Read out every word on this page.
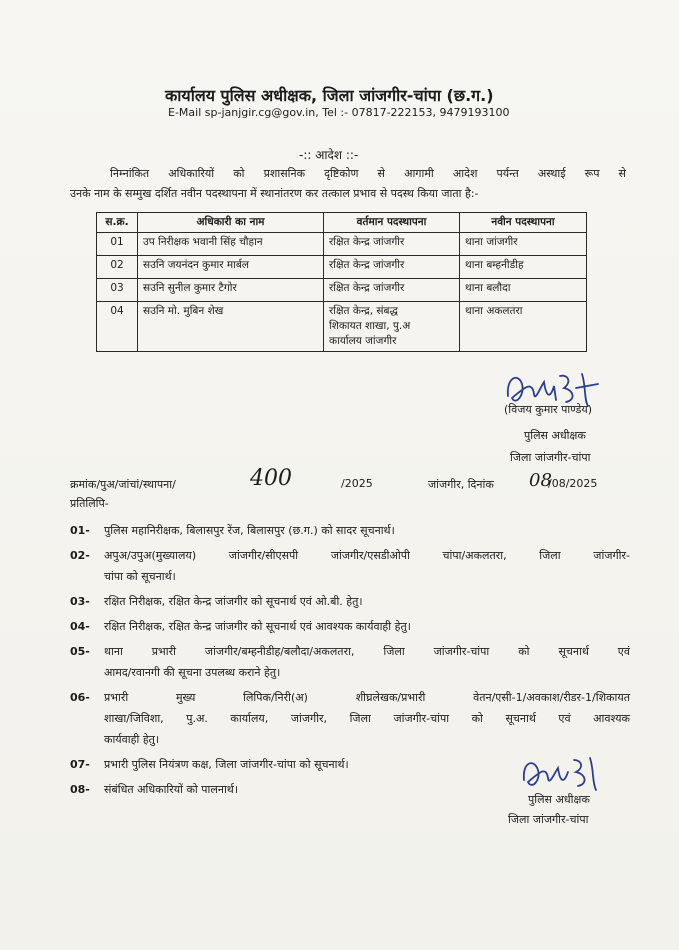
कार्यालय पुलिस अधीक्षक, जिला जांजगीर-चांपा (छ.ग.)
E-Mail sp-janjgir.cg@gov.in, Tel :- 07817-222153, 9479193100
-:: आदेश ::-
निम्नांकित अधिकारियों को प्रशासनिक दृष्टिकोण से आगामी आदेश पर्यन्त अस्थाई रूप से
उनके नाम के सम्मुख दर्शित नवीन पदस्थापना में स्थानांतरण कर तत्काल प्रभाव से पदस्थ किया जाता है:-
स.क्र.	अधिकारी का नाम	वर्तमान पदस्थापना	नवीन पदस्थापना
01	उप निरीक्षक भवानी सिंह चौहान	रक्षित केन्द्र जांजगीर	थाना जांजगीर
02	सउनि जयनंदन कुमार मार्बल	रक्षित केन्द्र जांजगीर	थाना बम्हनीडीह
03	सउनि सुनील कुमार टैगोर	रक्षित केन्द्र जांजगीर	थाना बलौदा
04	सउनि मो. मुबिन शेख	रक्षित केन्द्र, संबद्ध
शिकायत शाखा, पु.अ
कार्यालय जांजगीर	थाना अकलतरा
(विजय कुमार पाण्डेय)
पुलिस अधीक्षक
जिला जांजगीर-चांपा
क्रमांक/पुअ/जांचां/स्थापना/	400	/2025	जांजगीर, दिनांक 08
/08/2025
प्रतिलिपि-
01- पुलिस महानिरीक्षक, बिलासपुर रेंज, बिलासपुर (छ.ग.) को सादर सूचनार्थ।
02- अपुअ/उपुअ(मुख्यालय) जांजगीर/सीएसपी जांजगीर/एसडीओपी चांपा/अकलतरा, जिला जांजगीर-
चांपा को सूचनार्थ।
03- रक्षित निरीक्षक, रक्षित केन्द्र जांजगीर को सूचनार्थ एवं ओ.बी. हेतु।
04- रक्षित निरीक्षक, रक्षित केन्द्र जांजगीर को सूचनार्थ एवं आवश्यक कार्यवाही हेतु।
05- थाना प्रभारी जांजगीर/बम्हनीडीह/बलौदा/अकलतरा, जिला जांजगीर-चांपा को सूचनार्थ एवं
आमद/रवानगी की सूचना उपलब्ध कराने हेतु।
06- प्रभारी मुख्य लिपिक/निरी(अ) शीघ्रलेखक/प्रभारी वेतन/एसी-1/अवकाश/रीडर-1/शिकायत
शाखा/जिविशा, पु.अ. कार्यालय, जांजगीर, जिला जांजगीर-चांपा को सूचनार्थ एवं आवश्यक
कार्यवाही हेतु।
07- प्रभारी पुलिस नियंत्रण कक्ष, जिला जांजगीर-चांपा को सूचनार्थ।
08- संबंधित अधिकारियों को पालनार्थ।
पुलिस अधीक्षक
जिला जांजगीर-चांपा
